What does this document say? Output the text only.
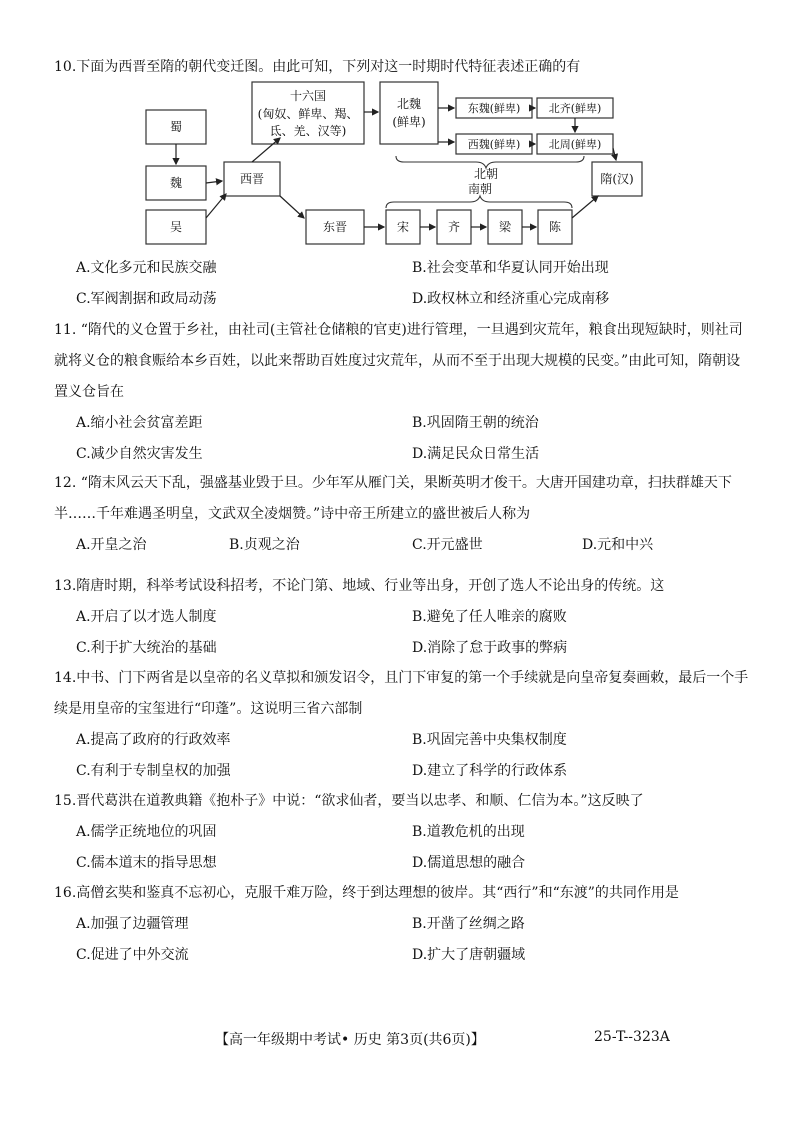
10.下面为西晋至隋的朝代变迁图。由此可知，下列对这一时期时代特征表述正确的有
蜀
魏
吴
西晋
十六国
(匈奴、鲜卑、羯、
氐、羌、汉等)
北魏
(鲜卑)
东魏(鲜卑)	北齐(鲜卑)
西魏(鲜卑)	北周(鲜卑)
东晋	宋	齐	梁	陈
北朝
南朝
隋(汉)
A.文化多元和民族交融	B.社会变革和华夏认同开始出现
C.军阀割据和政局动荡	D.政权林立和经济重心完成南移
11. “隋代的义仓置于乡社，由社司(主管社仓储粮的官吏)进行管理，一旦遇到灾荒年，粮食出现短缺时，则社司就将义仓的粮食赈给本乡百姓，以此来帮助百姓度过灾荒年，从而不至于出现大规模的民变。”由此可知，隋朝设置义仓旨在
A.缩小社会贫富差距	B.巩固隋王朝的统治
C.减少自然灾害发生	D.满足民众日常生活
12. “隋末风云天下乱，强盛基业毁于旦。少年军从雁门关，果断英明才俊干。大唐开国建功章，扫扶群雄天下半……千年难遇圣明皇，文武双全凌烟赞。”诗中帝王所建立的盛世被后人称为
A.开皇之治	B.贞观之治	C.开元盛世	D.元和中兴
13.隋唐时期，科举考试设科招考，不论门第、地域、行业等出身，开创了选人不论出身的传统。这
A.开启了以才选人制度	B.避免了任人唯亲的腐败
C.利于扩大统治的基础	D.消除了怠于政事的弊病
14.中书、门下两省是以皇帝的名义草拟和颁发诏令，且门下审复的第一个手续就是向皇帝复奏画敕，最后一个手续是用皇帝的宝玺进行“印蓬”。这说明三省六部制
A.提高了政府的行政效率	B.巩固完善中央集权制度
C.有利于专制皇权的加强	D.建立了科学的行政体系
15.晋代葛洪在道教典籍《抱朴子》中说：“欲求仙者，要当以忠孝、和顺、仁信为本。”这反映了
A.儒学正统地位的巩固	B.道教危机的出现
C.儒本道末的指导思想	D.儒道思想的融合
16.高僧玄奘和鉴真不忘初心，克服千难万险，终于到达理想的彼岸。其“西行”和“东渡”的共同作用是
A.加强了边疆管理	B.开凿了丝绸之路
C.促进了中外交流	D.扩大了唐朝疆域
【高一年级期中考试• 历史 第3页(共6页)】	25-T--323A
